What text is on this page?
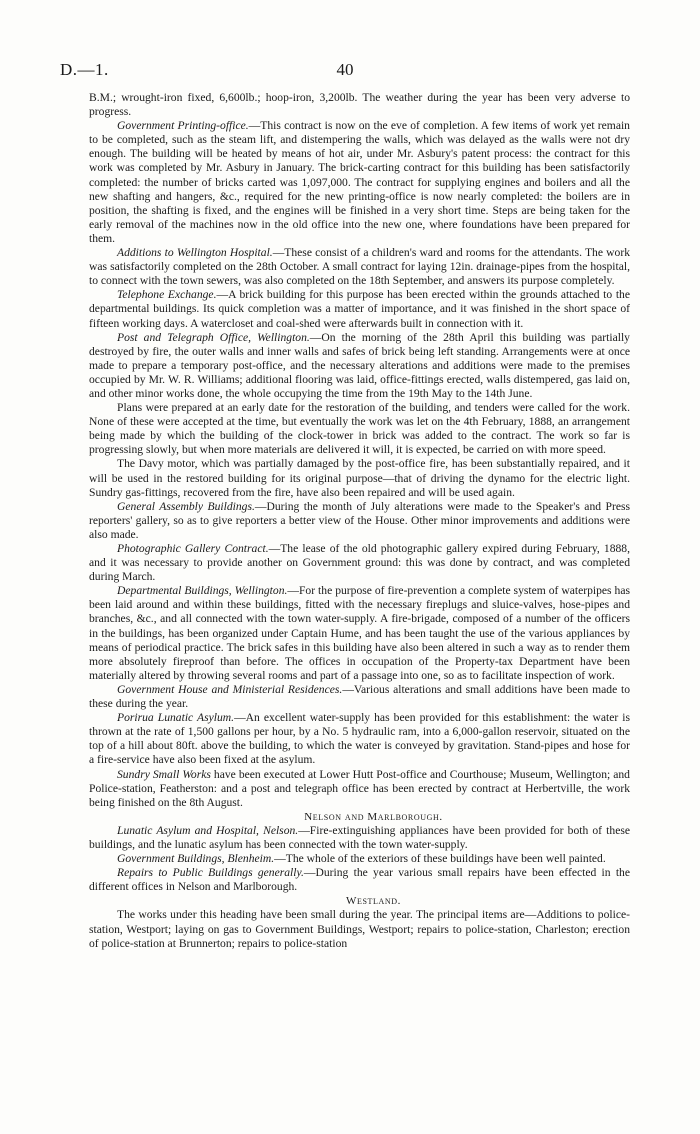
D.—1.	40

B.M.; wrought-iron fixed, 6,600lb.; hoop-iron, 3,200lb. The weather during the year has been very adverse to progress.

Government Printing-office.—This contract is now on the eve of completion. A few items of work yet remain to be completed, such as the steam lift, and distempering the walls, which was delayed as the walls were not dry enough. The building will be heated by means of hot air, under Mr. Asbury's patent process: the contract for this work was completed by Mr. Asbury in January. The brick-carting contract for this building has been satisfactorily completed: the number of bricks carted was 1,097,000. The contract for supplying engines and boilers and all the new shafting and hangers, &c., required for the new printing-office is now nearly completed: the boilers are in position, the shafting is fixed, and the engines will be finished in a very short time. Steps are being taken for the early removal of the machines now in the old office into the new one, where foundations have been prepared for them.

Additions to Wellington Hospital.—These consist of a children's ward and rooms for the attendants. The work was satisfactorily completed on the 28th October. A small contract for laying 12in. drainage-pipes from the hospital, to connect with the town sewers, was also completed on the 18th September, and answers its purpose completely.

Telephone Exchange.—A brick building for this purpose has been erected within the grounds attached to the departmental buildings. Its quick completion was a matter of importance, and it was finished in the short space of fifteen working days. A watercloset and coal-shed were afterwards built in connection with it.

Post and Telegraph Office, Wellington.—On the morning of the 28th April this building was partially destroyed by fire, the outer walls and inner walls and safes of brick being left standing. Arrangements were at once made to prepare a temporary post-office, and the necessary alterations and additions were made to the premises occupied by Mr. W. R. Williams; additional flooring was laid, office-fittings erected, walls distempered, gas laid on, and other minor works done, the whole occupying the time from the 19th May to the 14th June.

Plans were prepared at an early date for the restoration of the building, and tenders were called for the work. None of these were accepted at the time, but eventually the work was let on the 4th February, 1888, an arrangement being made by which the building of the clock-tower in brick was added to the contract. The work so far is progressing slowly, but when more materials are delivered it will, it is expected, be carried on with more speed.

The Davy motor, which was partially damaged by the post-office fire, has been substantially repaired, and it will be used in the restored building for its original purpose—that of driving the dynamo for the electric light. Sundry gas-fittings, recovered from the fire, have also been repaired and will be used again.

General Assembly Buildings.—During the month of July alterations were made to the Speaker's and Press reporters' gallery, so as to give reporters a better view of the House. Other minor improvements and additions were also made.

Photographic Gallery Contract.—The lease of the old photographic gallery expired during February, 1888, and it was necessary to provide another on Government ground: this was done by contract, and was completed during March.

Departmental Buildings, Wellington.—For the purpose of fire-prevention a complete system of waterpipes has been laid around and within these buildings, fitted with the necessary fireplugs and sluice-valves, hose-pipes and branches, &c., and all connected with the town water-supply. A fire-brigade, composed of a number of the officers in the buildings, has been organized under Captain Hume, and has been taught the use of the various appliances by means of periodical practice. The brick safes in this building have also been altered in such a way as to render them more absolutely fireproof than before. The offices in occupation of the Property-tax Department have been materially altered by throwing several rooms and part of a passage into one, so as to facilitate inspection of work.

Government House and Ministerial Residences.—Various alterations and small additions have been made to these during the year.

Porirua Lunatic Asylum.—An excellent water-supply has been provided for this establishment: the water is thrown at the rate of 1,500 gallons per hour, by a No. 5 hydraulic ram, into a 6,000-gallon reservoir, situated on the top of a hill about 80ft. above the building, to which the water is conveyed by gravitation. Stand-pipes and hose for a fire-service have also been fixed at the asylum.

Sundry Small Works have been executed at Lower Hutt Post-office and Courthouse; Museum, Wellington; and Police-station, Featherston: and a post and telegraph office has been erected by contract at Herbertville, the work being finished on the 8th August.

Nelson and Marlborough.

Lunatic Asylum and Hospital, Nelson.—Fire-extinguishing appliances have been provided for both of these buildings, and the lunatic asylum has been connected with the town water-supply.

Government Buildings, Blenheim.—The whole of the exteriors of these buildings have been well painted.

Repairs to Public Buildings generally.—During the year various small repairs have been effected in the different offices in Nelson and Marlborough.

Westland.

The works under this heading have been small during the year. The principal items are—Additions to police-station, Westport; laying on gas to Government Buildings, Westport; repairs to police-station, Charleston; erection of police-station at Brunnerton; repairs to police-station
